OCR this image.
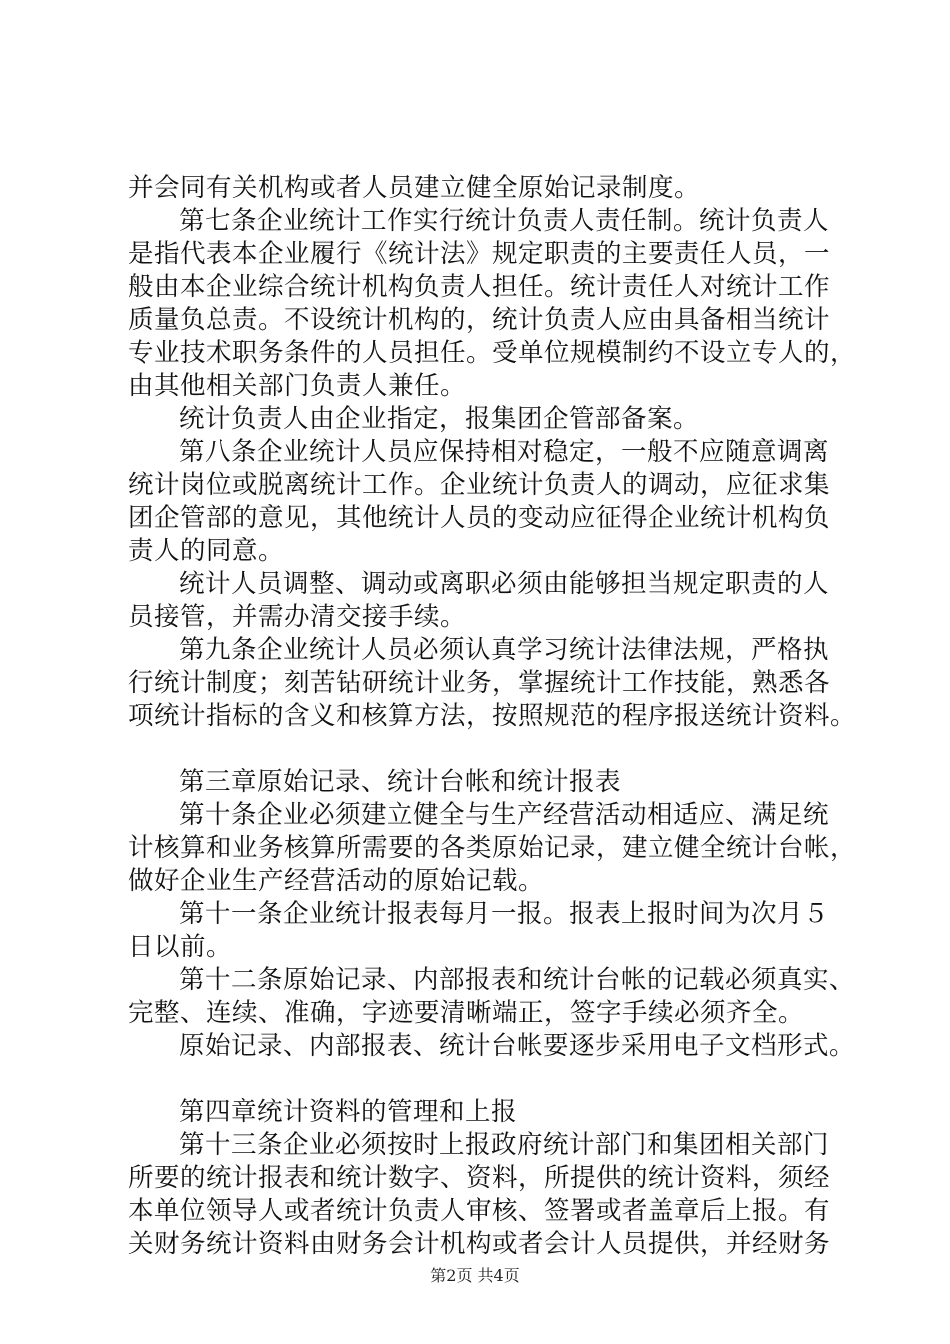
并会同有关机构或者人员建立健全原始记录制度。
第七条企业统计工作实行统计负责人责任制。统计负责人
是指代表本企业履行《统计法》规定职责的主要责任人员，一
般由本企业综合统计机构负责人担任。统计责任人对统计工作
质量负总责。不设统计机构的，统计负责人应由具备相当统计
专业技术职务条件的人员担任。受单位规模制约不设立专人的，
由其他相关部门负责人兼任。
统计负责人由企业指定，报集团企管部备案。
第八条企业统计人员应保持相对稳定，一般不应随意调离
统计岗位或脱离统计工作。企业统计负责人的调动，应征求集
团企管部的意见，其他统计人员的变动应征得企业统计机构负
责人的同意。
统计人员调整、调动或离职必须由能够担当规定职责的人
员接管，并需办清交接手续。
第九条企业统计人员必须认真学习统计法律法规，严格执
行统计制度；刻苦钻研统计业务，掌握统计工作技能，熟悉各
项统计指标的含义和核算方法，按照规范的程序报送统计资料。
第三章原始记录、统计台帐和统计报表
第十条企业必须建立健全与生产经营活动相适应、满足统
计核算和业务核算所需要的各类原始记录，建立健全统计台帐，
做好企业生产经营活动的原始记载。
第十一条企业统计报表每月一报。报表上报时间为次月５
日以前。
第十二条原始记录、内部报表和统计台帐的记载必须真实、
完整、连续、准确，字迹要清晰端正，签字手续必须齐全。
原始记录、内部报表、统计台帐要逐步采用电子文档形式。
第四章统计资料的管理和上报
第十三条企业必须按时上报政府统计部门和集团相关部门
所要的统计报表和统计数字、资料，所提供的统计资料，须经
本单位领导人或者统计负责人审核、签署或者盖章后上报。有
关财务统计资料由财务会计机构或者会计人员提供，并经财务
第2页 共4页
